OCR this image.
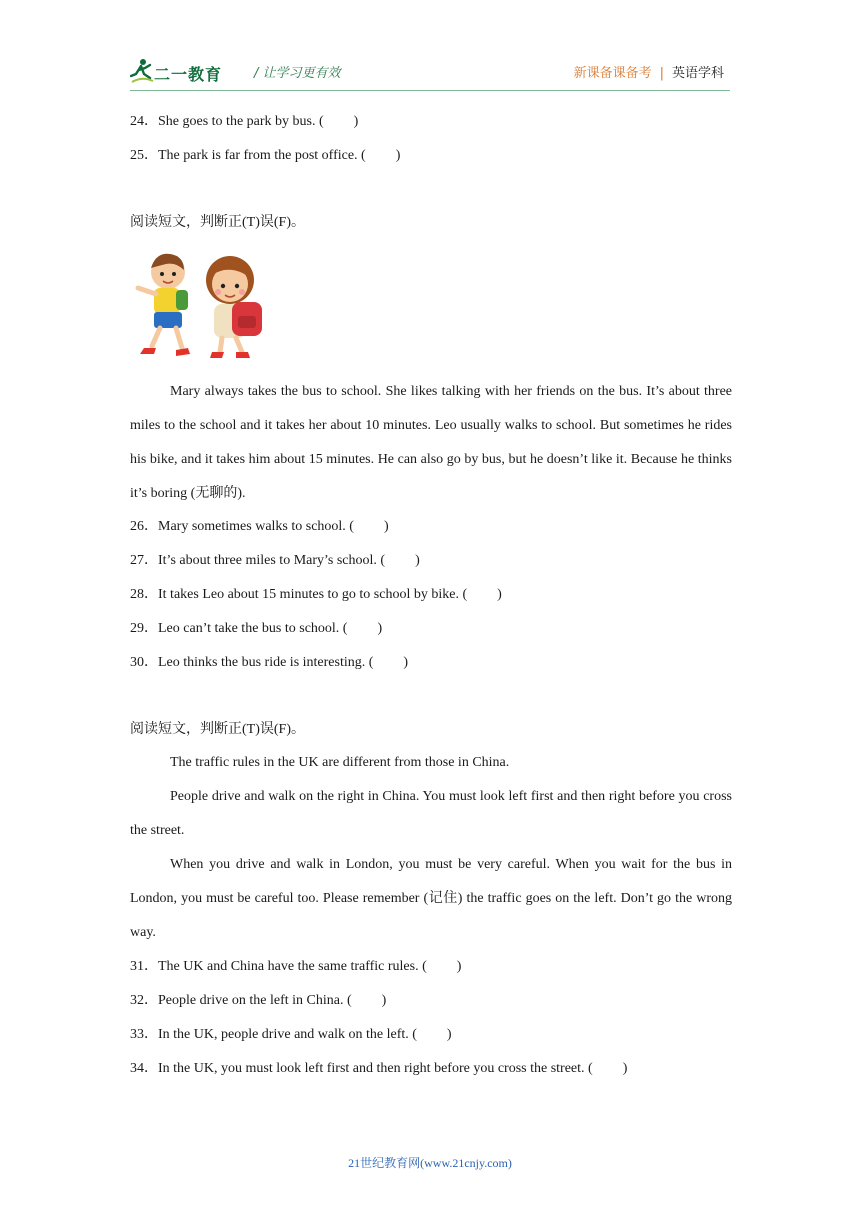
二一教育 / 让学习更有效	新课备课备考 | 英语学科
24．She goes to the park by bus. ( )
25．The park is far from the post office. ( )
阅读短文，判断正(T)误(F)。
Mary always takes the bus to school. She likes talking with her friends on the bus. It’s about three miles to the school and it takes her about 10 minutes. Leo usually walks to school. But sometimes he rides his bike, and it takes him about 15 minutes. He can also go by bus, but he doesn’t like it. Because he thinks it’s boring (无聊的).
26．Mary sometimes walks to school. ( )
27．It’s about three miles to Mary’s school. ( )
28．It takes Leo about 15 minutes to go to school by bike. ( )
29．Leo can’t take the bus to school. ( )
30．Leo thinks the bus ride is interesting. ( )
阅读短文，判断正(T)误(F)。
The traffic rules in the UK are different from those in China.
People drive and walk on the right in China. You must look left first and then right before you cross the street.
When you drive and walk in London, you must be very careful. When you wait for the bus in London, you must be careful too. Please remember (记住) the traffic goes on the left. Don’t go the wrong way.
31．The UK and China have the same traffic rules. ( )
32．People drive on the left in China. ( )
33．In the UK, people drive and walk on the left. ( )
34．In the UK, you must look left first and then right before you cross the street. ( )
21世纪教育网(www.21cnjy.com)
